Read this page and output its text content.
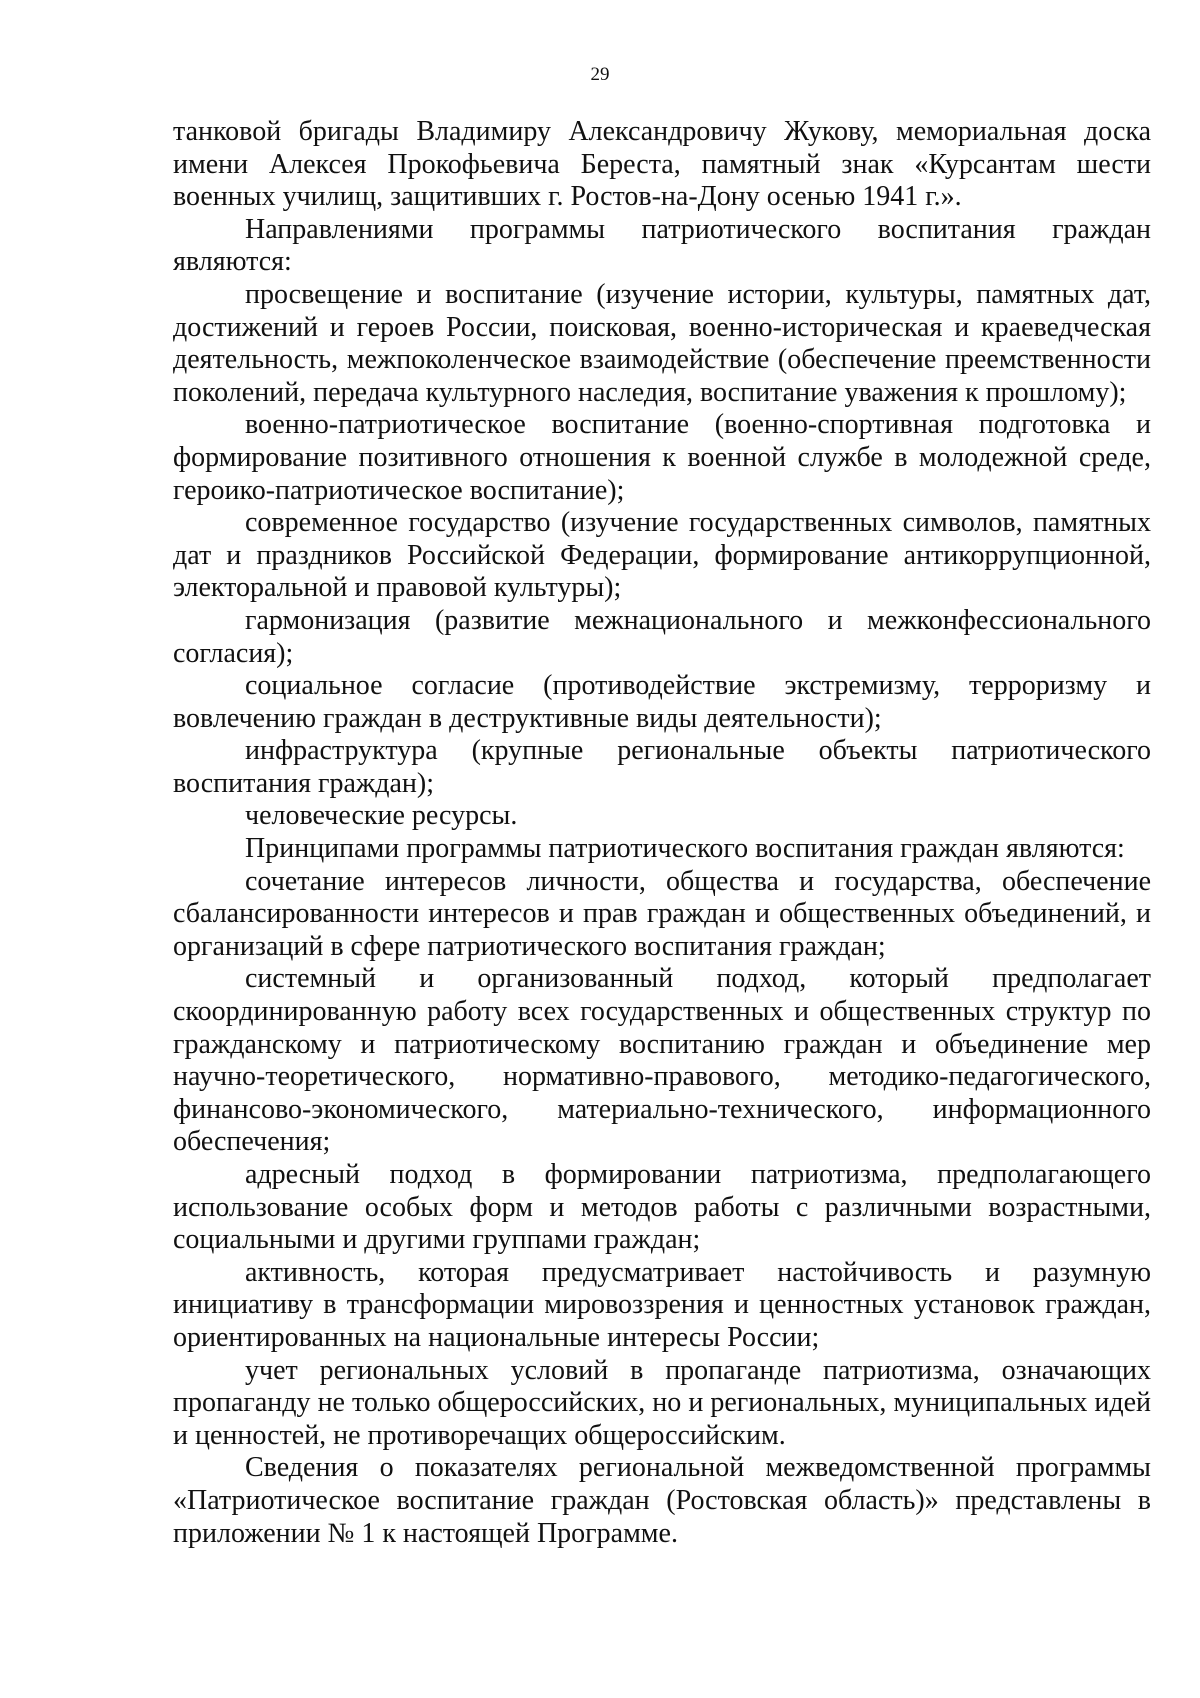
29

танковой бригады Владимиру Александровичу Жукову, мемориальная доска имени Алексея Прокофьевича Береста, памятный знак «Курсантам шести военных училищ, защитивших г. Ростов-на-Дону осенью 1941 г.».

Направлениями программы патриотического воспитания граждан являются:

просвещение и воспитание (изучение истории, культуры, памятных дат, достижений и героев России, поисковая, военно-историческая и краеведческая деятельность, межпоколенческое взаимодействие (обеспечение преемственности поколений, передача культурного наследия, воспитание уважения к прошлому);

военно-патриотическое воспитание (военно-спортивная подготовка и формирование позитивного отношения к военной службе в молодежной среде, героико-патриотическое воспитание);

современное государство (изучение государственных символов, памятных дат и праздников Российской Федерации, формирование антикоррупционной, электоральной и правовой культуры);

гармонизация (развитие межнационального и межконфессионального согласия);

социальное согласие (противодействие экстремизму, терроризму и вовлечению граждан в деструктивные виды деятельности);

инфраструктура (крупные региональные объекты патриотического воспитания граждан);

человеческие ресурсы.

Принципами программы патриотического воспитания граждан являются:

сочетание интересов личности, общества и государства, обеспечение сбалансированности интересов и прав граждан и общественных объединений, и организаций в сфере патриотического воспитания граждан;

системный и организованный подход, который предполагает скоординированную работу всех государственных и общественных структур по гражданскому и патриотическому воспитанию граждан и объединение мер научно-теоретического, нормативно-правового, методико-педагогического, финансово-экономического, материально-технического, информационного обеспечения;

адресный подход в формировании патриотизма, предполагающего использование особых форм и методов работы с различными возрастными, социальными и другими группами граждан;

активность, которая предусматривает настойчивость и разумную инициативу в трансформации мировоззрения и ценностных установок граждан, ориентированных на национальные интересы России;

учет региональных условий в пропаганде патриотизма, означающих пропаганду не только общероссийских, но и региональных, муниципальных идей и ценностей, не противоречащих общероссийским.

Сведения о показателях региональной межведомственной программы «Патриотическое воспитание граждан (Ростовская область)» представлены в приложении № 1 к настоящей Программе.
